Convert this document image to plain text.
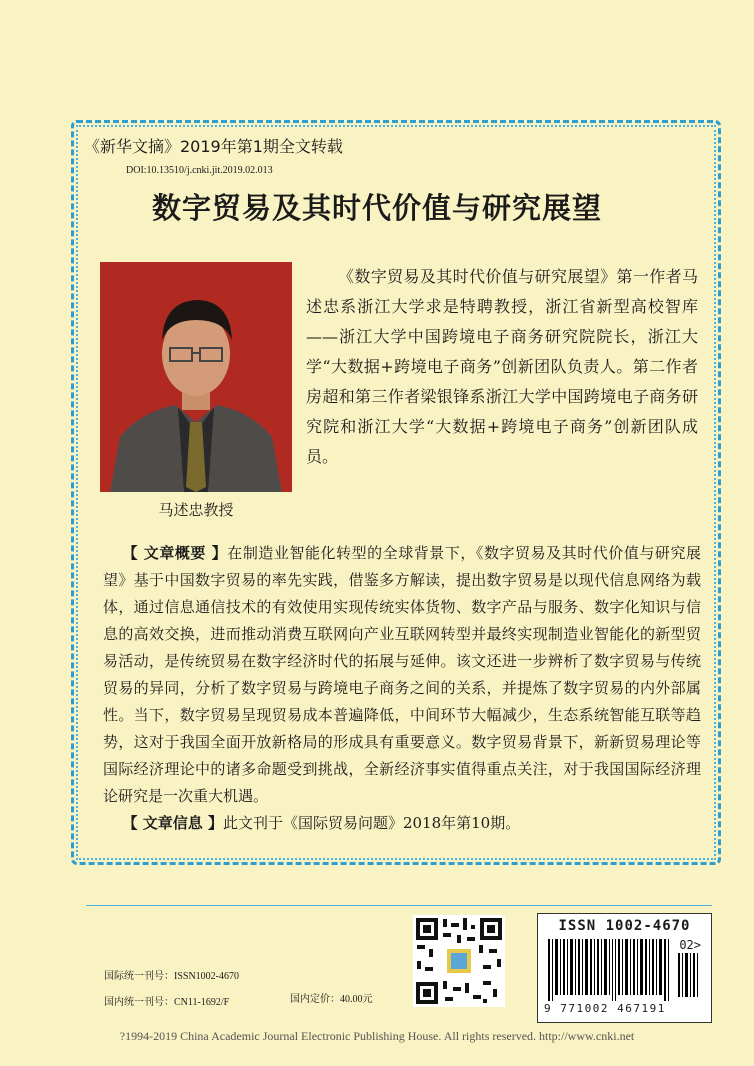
《新华文摘》2019年第1期全文转载
DOI:10.13510/j.cnki.jit.2019.02.013
数字贸易及其时代价值与研究展望
马述忠教授
《数字贸易及其时代价值与研究展望》第一作者马述忠系浙江大学求是特聘教授，浙江省新型高校智库——浙江大学中国跨境电子商务研究院院长，浙江大学“大数据+跨境电子商务”创新团队负责人。第二作者房超和第三作者梁银锋系浙江大学中国跨境电子商务研究院和浙江大学“大数据+跨境电子商务”创新团队成员。

【 文章概要 】在制造业智能化转型的全球背景下，《数字贸易及其时代价值与研究展望》基于中国数字贸易的率先实践，借鉴多方解读，提出数字贸易是以现代信息网络为载体，通过信息通信技术的有效使用实现传统实体货物、数字产品与服务、数字化知识与信息的高效交换，进而推动消费互联网向产业互联网转型并最终实现制造业智能化的新型贸易活动，是传统贸易在数字经济时代的拓展与延伸。该文还进一步辨析了数字贸易与传统贸易的异同，分析了数字贸易与跨境电子商务之间的关系，并提炼了数字贸易的内外部属性。当下，数字贸易呈现贸易成本普遍降低，中间环节大幅减少，生态系统智能互联等趋势，这对于我国全面开放新格局的形成具有重要意义。数字贸易背景下，新新贸易理论等国际经济理论中的诸多命题受到挑战，全新经济事实值得重点关注，对于我国国际经济理论研究是一次重大机遇。

【 文章信息 】此文刊于《国际贸易问题》2018年第10期。

国际统一刊号：ISSN1002-4670
国内统一刊号：CN11-1692/F	国内定价：40.00元
ISSN 1002-4670
02>
9 771002 467191
?1994-2019 China Academic Journal Electronic Publishing House. All rights reserved. http://www.cnki.net
